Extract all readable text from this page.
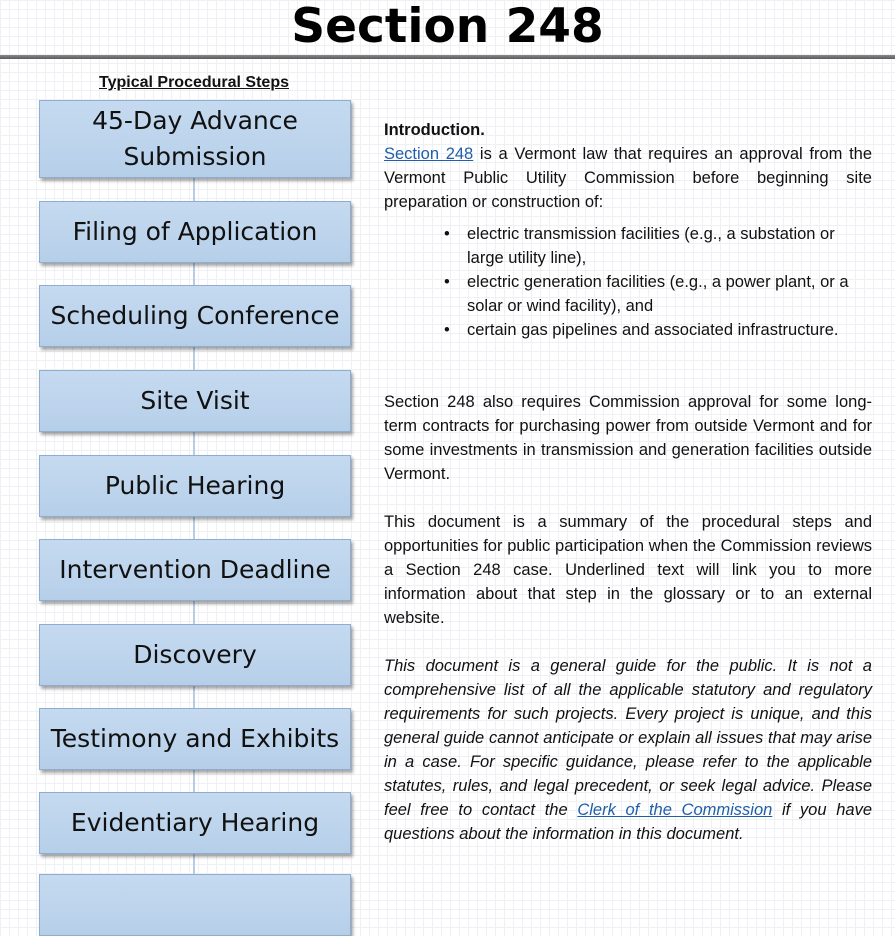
Section 248
Typical Procedural Steps
45-Day Advance
Submission
Filing of Application
Scheduling Conference
Site Visit
Public Hearing
Intervention Deadline
Discovery
Testimony and Exhibits
Evidentiary Hearing
Introduction.
Section 248 is a Vermont law that requires an approval from the Vermont Public Utility Commission before beginning site preparation or construction of:
• electric transmission facilities (e.g., a substation or large utility line),
• electric generation facilities (e.g., a power plant, or a solar or wind facility), and
• certain gas pipelines and associated infrastructure.
Section 248 also requires Commission approval for some long-term contracts for purchasing power from outside Vermont and for some investments in transmission and generation facilities outside Vermont.
This document is a summary of the procedural steps and opportunities for public participation when the Commission reviews a Section 248 case. Underlined text will link you to more information about that step in the glossary or to an external website.
This document is a general guide for the public. It is not a comprehensive list of all the applicable statutory and regulatory requirements for such projects. Every project is unique, and this general guide cannot anticipate or explain all issues that may arise in a case. For specific guidance, please refer to the applicable statutes, rules, and legal precedent, or seek legal advice. Please feel free to contact the Clerk of the Commission if you have questions about the information in this document.
